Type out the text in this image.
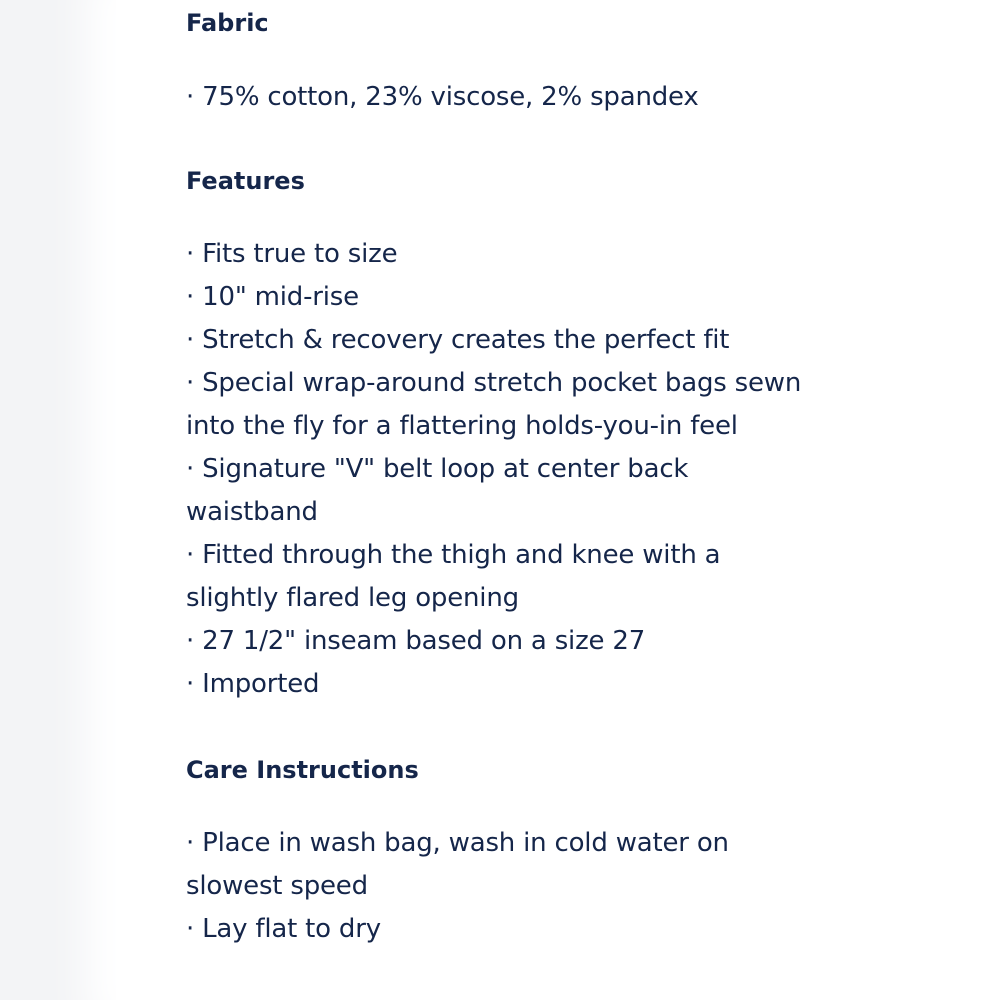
Fabric

· 75% cotton, 23% viscose, 2% spandex

Features

· Fits true to size

· 10" mid-rise

· Stretch & recovery creates the perfect fit

· Special wrap-around stretch pocket bags sewn

into the fly for a flattering holds-you-in feel

· Signature "V" belt loop at center back

waistband

· Fitted through the thigh and knee with a

slightly flared leg opening

· 27 1/2" inseam based on a size 27

· Imported

Care Instructions

· Place in wash bag, wash in cold water on

slowest speed

· Lay flat to dry
